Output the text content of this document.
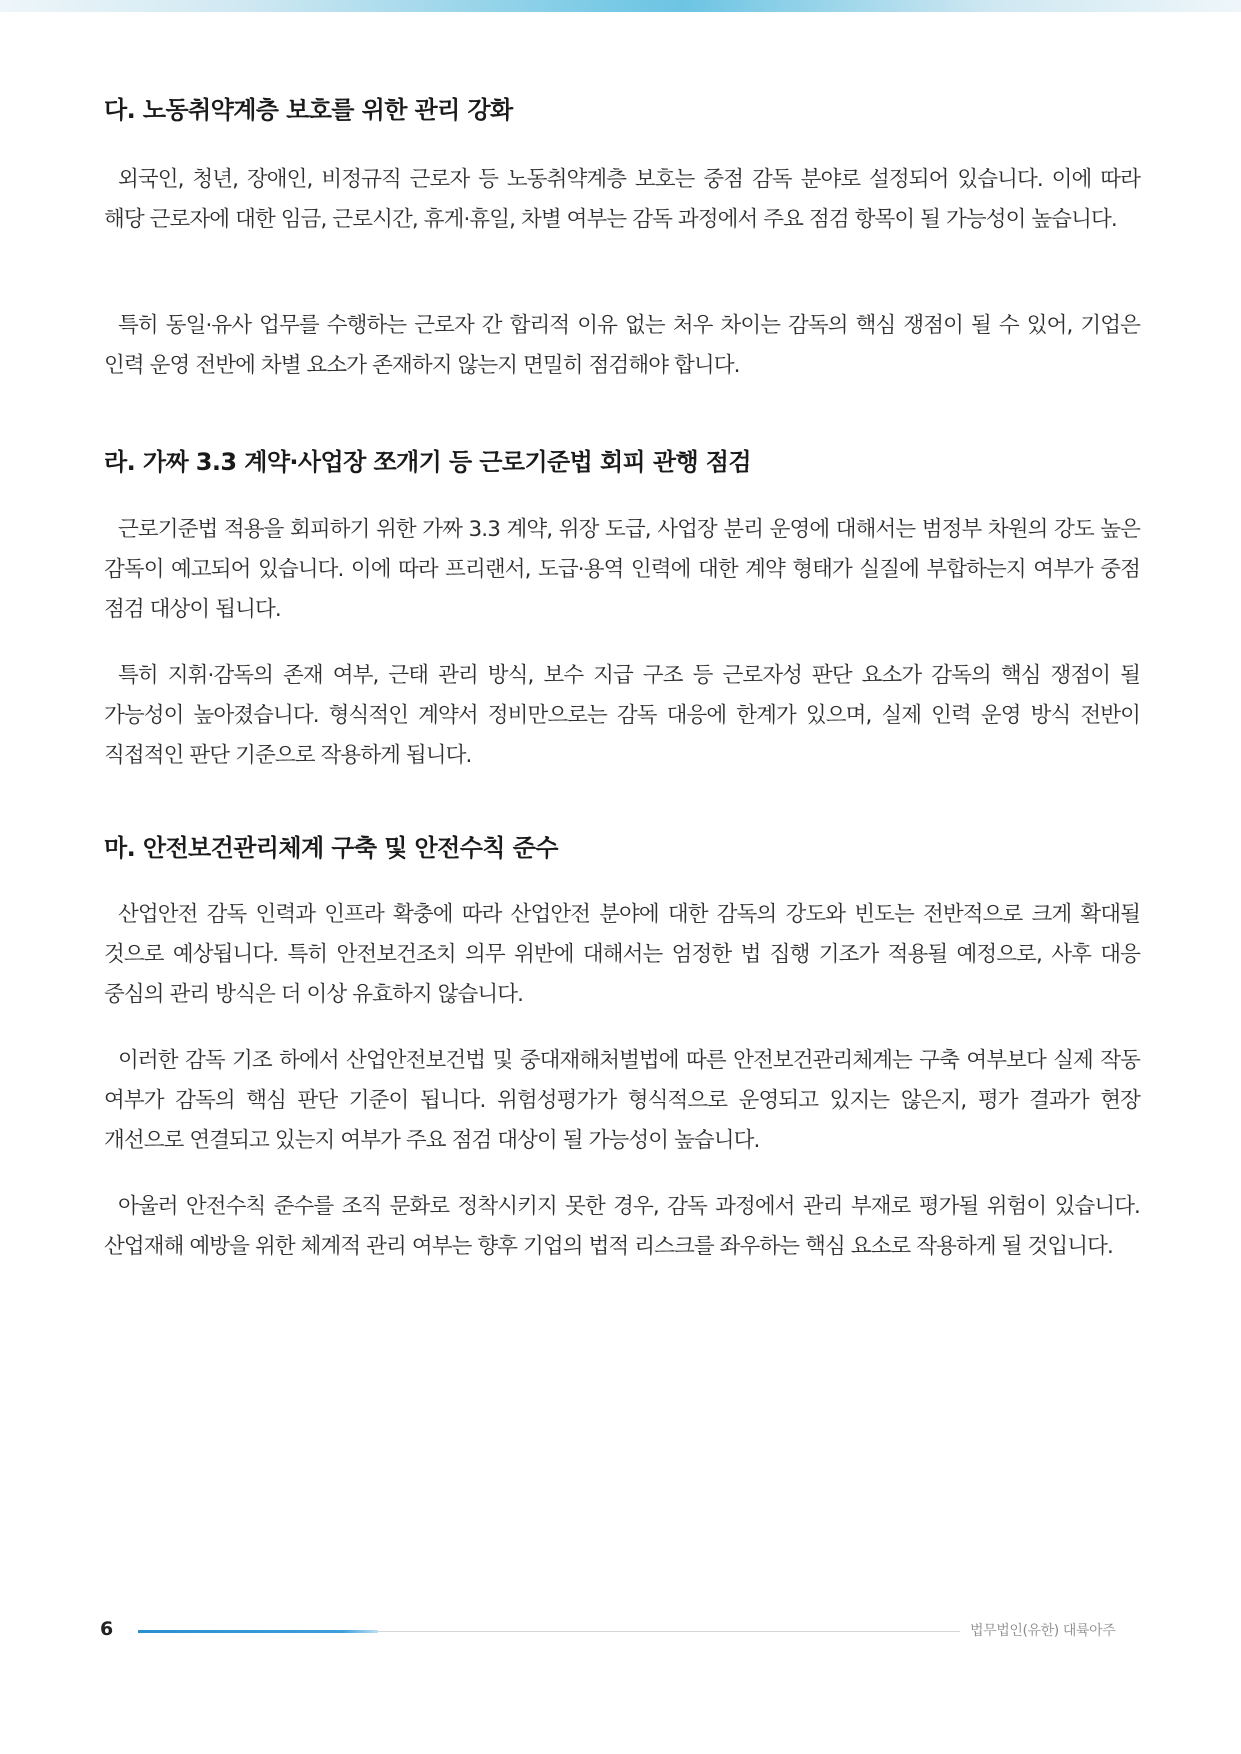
다. 노동취약계층 보호를 위한 관리 강화

외국인, 청년, 장애인, 비정규직 근로자 등 노동취약계층 보호는 중점 감독 분야로 설정되어 있습니다. 이에 따라 해당 근로자에 대한 임금, 근로시간, 휴게·휴일, 차별 여부는 감독 과정에서 주요 점검 항목이 될 가능성이 높습니다.

특히 동일·유사 업무를 수행하는 근로자 간 합리적 이유 없는 처우 차이는 감독의 핵심 쟁점이 될 수 있어, 기업은 인력 운영 전반에 차별 요소가 존재하지 않는지 면밀히 점검해야 합니다.

라. 가짜 3.3 계약·사업장 쪼개기 등 근로기준법 회피 관행 점검

근로기준법 적용을 회피하기 위한 가짜 3.3 계약, 위장 도급, 사업장 분리 운영에 대해서는 범정부 차원의 강도 높은 감독이 예고되어 있습니다. 이에 따라 프리랜서, 도급·용역 인력에 대한 계약 형태가 실질에 부합하는지 여부가 중점 점검 대상이 됩니다.

특히 지휘·감독의 존재 여부, 근태 관리 방식, 보수 지급 구조 등 근로자성 판단 요소가 감독의 핵심 쟁점이 될 가능성이 높아졌습니다. 형식적인 계약서 정비만으로는 감독 대응에 한계가 있으며, 실제 인력 운영 방식 전반이 직접적인 판단 기준으로 작용하게 됩니다.

마. 안전보건관리체계 구축 및 안전수칙 준수

산업안전 감독 인력과 인프라 확충에 따라 산업안전 분야에 대한 감독의 강도와 빈도는 전반적으로 크게 확대될 것으로 예상됩니다. 특히 안전보건조치 의무 위반에 대해서는 엄정한 법 집행 기조가 적용될 예정으로, 사후 대응 중심의 관리 방식은 더 이상 유효하지 않습니다.

이러한 감독 기조 하에서 산업안전보건법 및 중대재해처벌법에 따른 안전보건관리체계는 구축 여부보다 실제 작동 여부가 감독의 핵심 판단 기준이 됩니다. 위험성평가가 형식적으로 운영되고 있지는 않은지, 평가 결과가 현장 개선으로 연결되고 있는지 여부가 주요 점검 대상이 될 가능성이 높습니다.

아울러 안전수칙 준수를 조직 문화로 정착시키지 못한 경우, 감독 과정에서 관리 부재로 평가될 위험이 있습니다. 산업재해 예방을 위한 체계적 관리 여부는 향후 기업의 법적 리스크를 좌우하는 핵심 요소로 작용하게 될 것입니다.

6	법무법인(유한) 대륙아주
